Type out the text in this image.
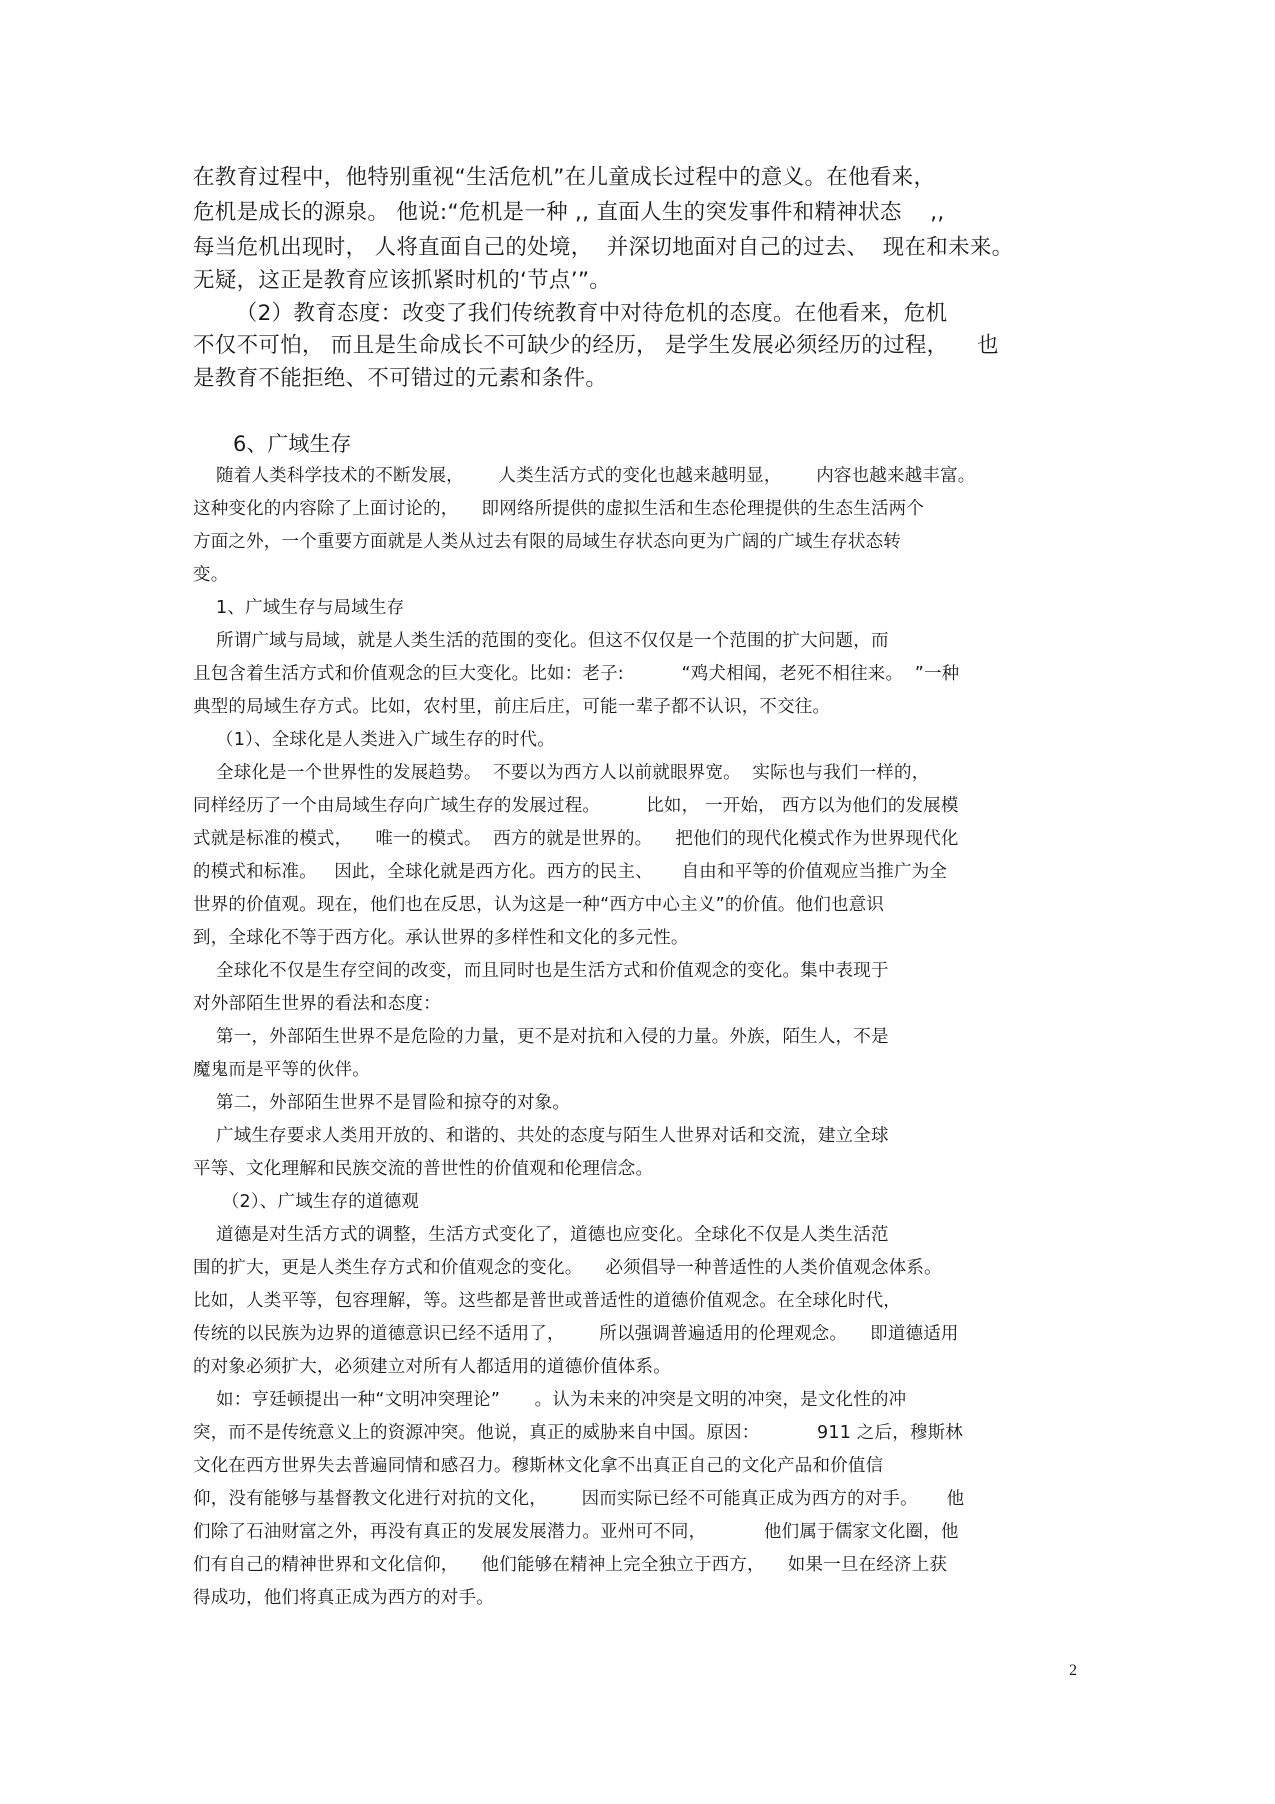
在教育过程中，他特别重视“生活危机”在儿童成长过程中的意义。在他看来，

危机是成长的源泉。 他说:“危机是一种 ,, 直面人生的突发事件和精神状态    ,,

每当危机出现时， 人将直面自己的处境，  并深切地面对自己的过去、  现在和未来。

无疑，这正是教育应该抓紧时机的‘节点’”。

（2）教育态度：改变了我们传统教育中对待危机的态度。在他看来，危机

不仅不可怕， 而且是生命成长不可缺少的经历， 是学生发展必须经历的过程，    也

是教育不能拒绝、不可错过的元素和条件。

6、广域生存

随着人类科学技术的不断发展，      人类生活方式的变化也越来越明显，      内容也越来越丰富。

这种变化的内容除了上面讨论的，    即网络所提供的虚拟生活和生态伦理提供的生态生活两个

方面之外，一个重要方面就是人类从过去有限的局域生存状态向更为广阔的广域生存状态转

变。

1、广域生存与局域生存

所谓广域与局域，就是人类生活的范围的变化。但这不仅仅是一个范围的扩大问题，而

且包含着生活方式和价值观念的巨大变化。比如：老子:          “鸡犬相闻，老死不相往来。  ”一种

典型的局域生存方式。比如，农村里，前庄后庄，可能一辈子都不认识，不交往。

（1）、全球化是人类进入广域生存的时代。

全球化是一个世界性的发展趋势。  不要以为西方人以前就眼界宽。  实际也与我们一样的，

同样经历了一个由局域生存向广域生存的发展过程。        比如， 一开始， 西方以为他们的发展模

式就是标准的模式，    唯一的模式。  西方的就是世界的。    把他们的现代化模式作为世界现代化

的模式和标准。   因此，全球化就是西方化。西方的民主、     自由和平等的价值观应当推广为全

世界的价值观。现在，他们也在反思，认为这是一种“西方中心主义”的价值。他们也意识

到，全球化不等于西方化。承认世界的多样性和文化的多元性。

全球化不仅是生存空间的改变，而且同时也是生活方式和价值观念的变化。集中表现于

对外部陌生世界的看法和态度：

第一，外部陌生世界不是危险的力量，更不是对抗和入侵的力量。外族，陌生人，不是

魔鬼而是平等的伙伴。

第二，外部陌生世界不是冒险和掠夺的对象。

广域生存要求人类用开放的、和谐的、共处的态度与陌生人世界对话和交流，建立全球

平等、文化理解和民族交流的普世性的价值观和伦理信念。

（2）、广域生存的道德观

道德是对生活方式的调整，生活方式变化了，道德也应变化。全球化不仅是人类生活范

围的扩大，更是人类生存方式和价值观念的变化。    必须倡导一种普适性的人类价值观念体系。

比如，人类平等，包容理解，等。这些都是普世或普适性的道德价值观念。在全球化时代，

传统的以民族为边界的道德意识已经不适用了，      所以强调普遍适用的伦理观念。    即道德适用

的对象必须扩大，必须建立对所有人都适用的道德价值体系。

如：亨廷顿提出一种“文明冲突理论”      。认为未来的冲突是文明的冲突，是文化性的冲

突，而不是传统意义上的资源冲突。他说，真正的威胁来自中国。原因：          911 之后，穆斯林

文化在西方世界失去普遍同情和感召力。穆斯林文化拿不出真正自己的文化产品和价值信

仰，没有能够与基督教文化进行对抗的文化，      因而实际已经不可能真正成为西方的对手。     他

们除了石油财富之外，再没有真正的发展发展潜力。亚州可不同，          他们属于儒家文化圈，他

们有自己的精神世界和文化信仰，    他们能够在精神上完全独立于西方，    如果一旦在经济上获

得成功，他们将真正成为西方的对手。

2
